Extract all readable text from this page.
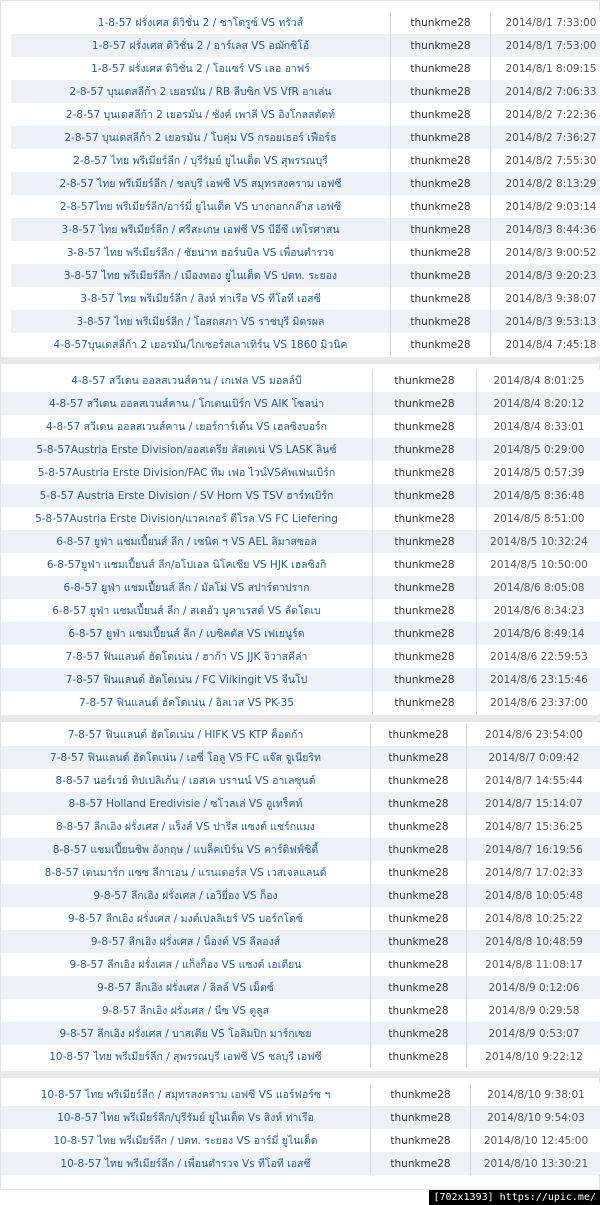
1-8-57 ฝรั่งเศส ดิวิชั่น 2 / ชาโตรูซ์ VS ทรัวส์	thunkme28	2014/8/1 7:33:00
1-8-57 ฝรั่งเศส ดิวิชั่น 2 / อาร์เลส VS อฌักซิโอ้	thunkme28	2014/8/1 7:53:00
1-8-57 ฝรั่งเศส ดิวิชั่น 2 / โอแซร์ VS เลอ อาฟร์	thunkme28	2014/8/1 8:09:15
2-8-57 บุนเดสลีก้า 2 เยอรมัน / RB ลีบซิก VS VfR อาเล่น	thunkme28	2014/8/2 7:06:33
2-8-57 บุนเดสลีก้า 2 เยอรมัน / ซังค์ เพาลี VS อิงโกลสตัดท์	thunkme28	2014/8/2 7:22:36
2-8-57 บุนเดสลีก้า 2 เยอรมัน / โบคุ่ม VS กรอยเธอร์ เฟือร์ธ	thunkme28	2014/8/2 7:36:27
2-8-57 ไทย พรีเมียร์ลีก / บุรีรัมย์ ยูไนเต็ด VS สุพรรณบุรี	thunkme28	2014/8/2 7:55:30
2-8-57 ไทย พรีเมียร์ลีก / ชลบุรี เอฟซี VS สมุทรสงคราม เอฟซี	thunkme28	2014/8/2 8:13:29
2-8-57ไทย พรีเมียร์ลีก/อาร์มี่ ยูไนเต็ด VS บางกอกกล๊าส เอฟซี	thunkme28	2014/8/2 9:03:14
3-8-57 ไทย พรีเมียร์ลีก / ศรีสะเกษ เอฟซี VS บีอีซี เทโรศาสน	thunkme28	2014/8/3 8:44:36
3-8-57 ไทย พรีเมียร์ลีก / ชัยนาท ฮอร์นบิล VS เพื่อนตำรวจ	thunkme28	2014/8/3 9:00:52
3-8-57 ไทย พรีเมียร์ลีก / เมืองทอง ยูไนเต็ด VS ปตท. ระยอง	thunkme28	2014/8/3 9:20:23
3-8-57 ไทย พรีเมียร์ลีก / สิงห์ ท่าเรือ VS ทีโอที เอสซี	thunkme28	2014/8/3 9:38:07
3-8-57 ไทย พรีเมียร์ลีก / โอสถสภา VS ราชบุรี มิตรผล	thunkme28	2014/8/3 9:53:13
4-8-57บุนเดสลีก้า 2 เยอรมัน/ไกเซอร์สเลาเทิร์น VS 1860 มิวนิค	thunkme28	2014/8/4 7:45:18
4-8-57 สวีเดน ออลสเวนส์คาน / เกเฟล VS มอลล์บี	thunkme28	2014/8/4 8:01:25
4-8-57 สวีเดน ออลสเวนส์คาน / โกเตนเบิร์ก VS AIK โซลน่า	thunkme28	2014/8/4 8:20:12
4-8-57 สวีเดน ออลสเวนส์คาน / เยอร์การ์เด้น VS เฮลซิงบอร์ก	thunkme28	2014/8/4 8:33:01
5-8-57Austria Erste Division/ออสเตรีย ลัสเตเน่ VS LASK ลินซ์	thunkme28	2014/8/5 0:29:00
5-8-57Austria Erste Division/FAC ทีม เฟอ ไวน์VSคัพเฟนเบิร์ก	thunkme28	2014/8/5 0:57:39
5-8-57 Austria Erste Division / SV Horn VS TSV ฮาร์ทเบิร์ก	thunkme28	2014/8/5 8:36:48
5-8-57Austria Erste Division/แวคเกอร์ ตีโรล VS FC Liefering	thunkme28	2014/8/5 8:51:00
6-8-57 ยูฟ่า แชมเปี้ยนส์ ลีก / เซนิต ฯ VS AEL ลิมาสซอล	thunkme28	2014/8/5 10:32:24
6-8-57ยูฟ่า แชมเปี้ยนส์ ลีก/อโปเอล นิโคเซีย VS HJK เฮลซิงกิ	thunkme28	2014/8/5 10:50:00
6-8-57 ยูฟ่า แชมเปี้ยนส์ ลีก / มัลโม่ VS สปาร์ตาปราก	thunkme28	2014/8/6 8:05:08
6-8-57 ยูฟ่า แชมเปี้ยนส์ ลีก / สเตอัว บูคาเรสต์ VS ลัดโดเบ	thunkme28	2014/8/6 8:34:23
6-8-57 ยูฟ่า แชมเปี้ยนส์ ลีก / เบซิคตัส VS เฟเยนูร์ด	thunkme28	2014/8/6 8:49:14
7-8-57 ฟินแลนด์ ฮัดโดเน่น / ฮาก้า VS JJK จิวาสคีล่า	thunkme28	2014/8/6 22:59:53
7-8-57 ฟินแลนด์ ฮัดโดเน่น / FC Viikingit VS จีนโป	thunkme28	2014/8/6 23:15:46
7-8-57 ฟินแลนด์ ฮัดโดเน่น / อิลเวส VS PK-35	thunkme28	2014/8/6 23:37:00
7-8-57 ฟินแลนด์ ฮัดโดเน่น / HIFK VS KTP ค็อตก้า	thunkme28	2014/8/6 23:54:00
7-8-57 ฟินแลนด์ ฮัดโดเน่น / เอซี่ โอลู VS FC แจ๊ส จูเนียริท	thunkme28	2014/8/7 0:09:42
8-8-57 นอร์เวย์ ทิปเปลิเก้น / เอสเค บรานน์ VS อาเลซุนด์	thunkme28	2014/8/7 14:55:44
8-8-57 Holland Eredivisie / ซโวลเล่ VS อูเทร็คท์	thunkme28	2014/8/7 15:14:07
8-8-57 ลีกเอิง ฝรั่งเศส / แร็งส์ VS ปารีส แซงต์ แชร์กแมง	thunkme28	2014/8/7 15:36:25
8-8-57 แชมเปี้ยนชิพ อังกฤษ / แบล็คเบิร์น VS คาร์ดิฟฟ์ซิตี้	thunkme28	2014/8/7 16:19:56
8-8-57 เดนมาร์ก แซซ ลีกาเอน / แรนเดอร์ส VS เวสเจลแลนด์	thunkme28	2014/8/7 17:02:33
9-8-57 ลีกเอิง ฝรั่งเศส / เอวิยี่อง VS ก็อง	thunkme28	2014/8/8 10:05:48
9-8-57 ลีกเอิง ฝรั่งเศส / มงต์เปลลิเยร์ VS บอร์กโดซ์	thunkme28	2014/8/8 10:25:22
9-8-57 ลีกเอิง ฝรั่งเศส / น็องต์ VS ลีลองส์	thunkme28	2014/8/8 10:48:59
9-8-57 ลีกเอิง ฝรั่งเศส / แก็งก็อง VS แซงต์ เอเตียน	thunkme28	2014/8/8 11:08:17
9-8-57 ลีกเอิง ฝรั่งเศส / ลิลล์ VS เม็ตซ์	thunkme28	2014/8/9 0:12:06
9-8-57 ลีกเอิง ฝรั่งเศส / นีซ VS ตูลูส	thunkme28	2014/8/9 0:29:58
9-8-57 ลีกเอิง ฝรั่งเศส / บาสเตีย VS โอลิมปิก มาร์กเซย	thunkme28	2014/8/9 0:53:07
10-8-57 ไทย พรีเมียร์ลีก / สุพรรณบุรี เอฟซี VS ชลบุรี เอฟซี	thunkme28	2014/8/10 9:22:12
10-8-57 ไทย พรีเมียร์ลีก / สมุทรสงคราม เอฟซี VS แอร์ฟอร์ซ ฯ	thunkme28	2014/8/10 9:38:01
10-8-57 ไทย พรีเมียร์ลีก/บุรีรัมย์ ยูไนเต็ด Vs สิงห์ ท่าเรือ	thunkme28	2014/8/10 9:54:03
10-8-57 ไทย พรีเมียร์ลีก / ปตท. ระยอง VS อาร์มี่ ยูไนเต็ด	thunkme28	2014/8/10 12:45:00
10-8-57 ไทย พรีเมียร์ลีก / เพื่อนตำรวจ Vs ทีโอที เอสซี	thunkme28	2014/8/10 13:30:21
[702x1393] https://upic.me/
